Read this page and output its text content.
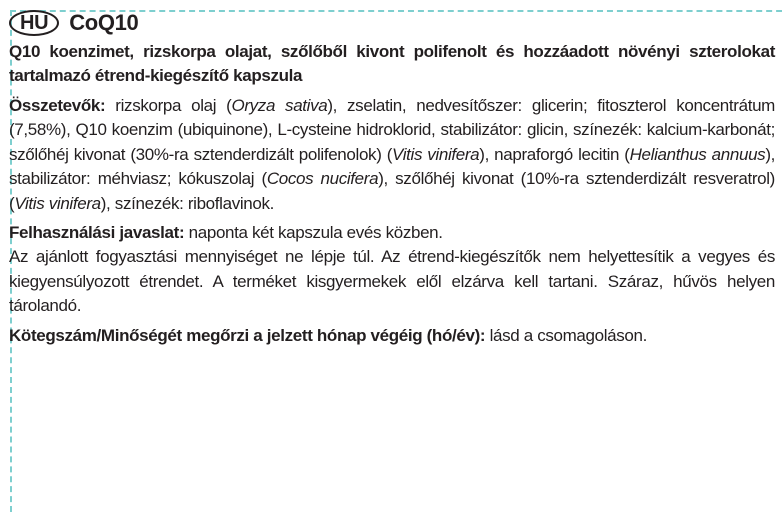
HU CoQ10
Q10 koenzimet, rizskorpa olajat, szőlőből kivont polifenolt és hozzáadott növényi szterolokat tartalmazó étrend-kiegészítő kapszula

Összetevők: rizskorpa olaj (Oryza sativa), zselatin, nedvesítőszer: glicerin; fitoszterol koncentrátum (7,58%), Q10 koenzim (ubiquinone), L-cysteine hidroklorid, stabilizátor: glicin, színezék: kalcium-karbonát; szőlőhéj kivonat (30%-ra sztenderdizált polifenolok) (Vitis vinifera), napraforgó lecitin (Helianthus annuus), stabilizátor: méhviasz; kókuszolaj (Cocos nucifera), szőlőhéj kivonat (10%-ra sztenderdizált resveratrol) (Vitis vinifera), színezék: riboflavinok.

Felhasználási javaslat: naponta két kapszula evés közben.

Az ajánlott fogyasztási mennyiséget ne lépje túl. Az étrend-kiegészítők nem helyettesítik a vegyes és kiegyensúlyozott étrendet. A terméket kisgyermekek elől elzárva kell tartani. Száraz, hűvös helyen tárolandó.

Kötegszám/Minőségét megőrzi a jelzett hónap végéig (hó/év): lásd a csomagoláson.
